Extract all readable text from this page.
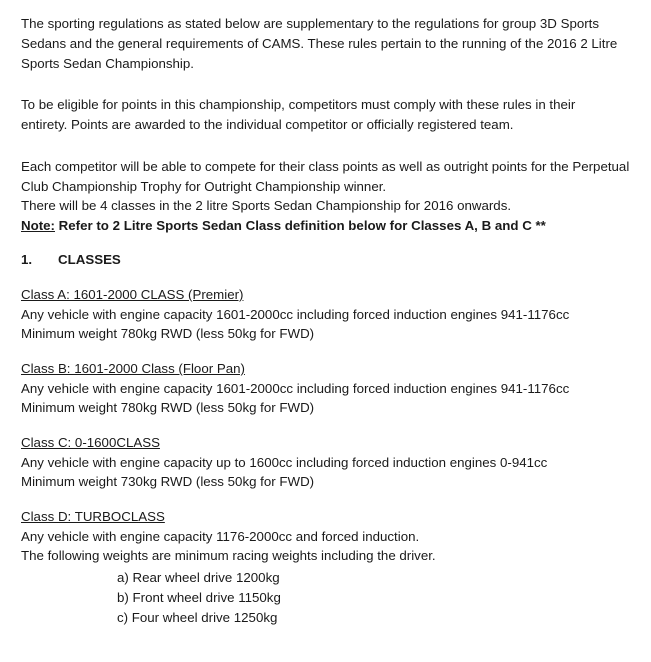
The sporting regulations as stated below are supplementary to the regulations for group 3D Sports
Sedans and the general requirements of CAMS. These rules pertain to the running of the 2016 2 Litre
Sports Sedan Championship.
To be eligible for points in this championship, competitors must comply with these rules in their
entirety. Points are awarded to the individual competitor or officially registered team.
Each competitor will be able to compete for their class points as well as outright points for the Perpetual
Club Championship Trophy for Outright Championship winner.
There will be 4 classes in the 2 litre Sports Sedan Championship for 2016 onwards.
Note: Refer to 2 Litre Sports Sedan Class definition below for Classes A, B and C **
1. CLASSES
Class A: 1601-2000 CLASS (Premier)
Any vehicle with engine capacity 1601-2000cc including forced induction engines 941-1176cc
Minimum weight 780kg RWD (less 50kg for FWD)
Class B: 1601-2000 Class (Floor Pan)
Any vehicle with engine capacity 1601-2000cc including forced induction engines 941-1176cc
Minimum weight 780kg RWD (less 50kg for FWD)
Class C: 0-1600CLASS
Any vehicle with engine capacity up to 1600cc including forced induction engines 0-941cc
Minimum weight 730kg RWD (less 50kg for FWD)
Class D: TURBOCLASS
Any vehicle with engine capacity 1176-2000cc and forced induction.
The following weights are minimum racing weights including the driver.
a) Rear wheel drive 1200kg
b) Front wheel drive 1150kg
c) Four wheel drive 1250kg
